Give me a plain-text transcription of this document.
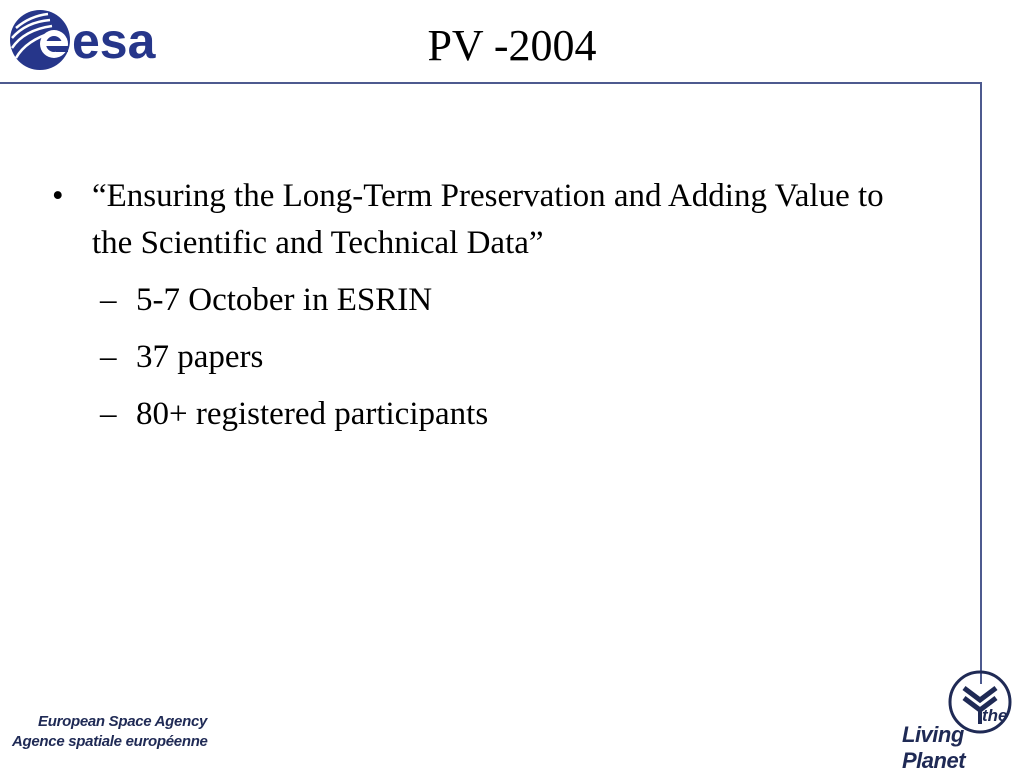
esa	PV -2004
• “Ensuring the Long-Term Preservation and Adding Value to the Scientific and Technical Data”
– 5-7 October in ESRIN
– 37 papers
– 80+ registered participants
European Space Agency
Agence spatiale européenne
the
Living Planet
